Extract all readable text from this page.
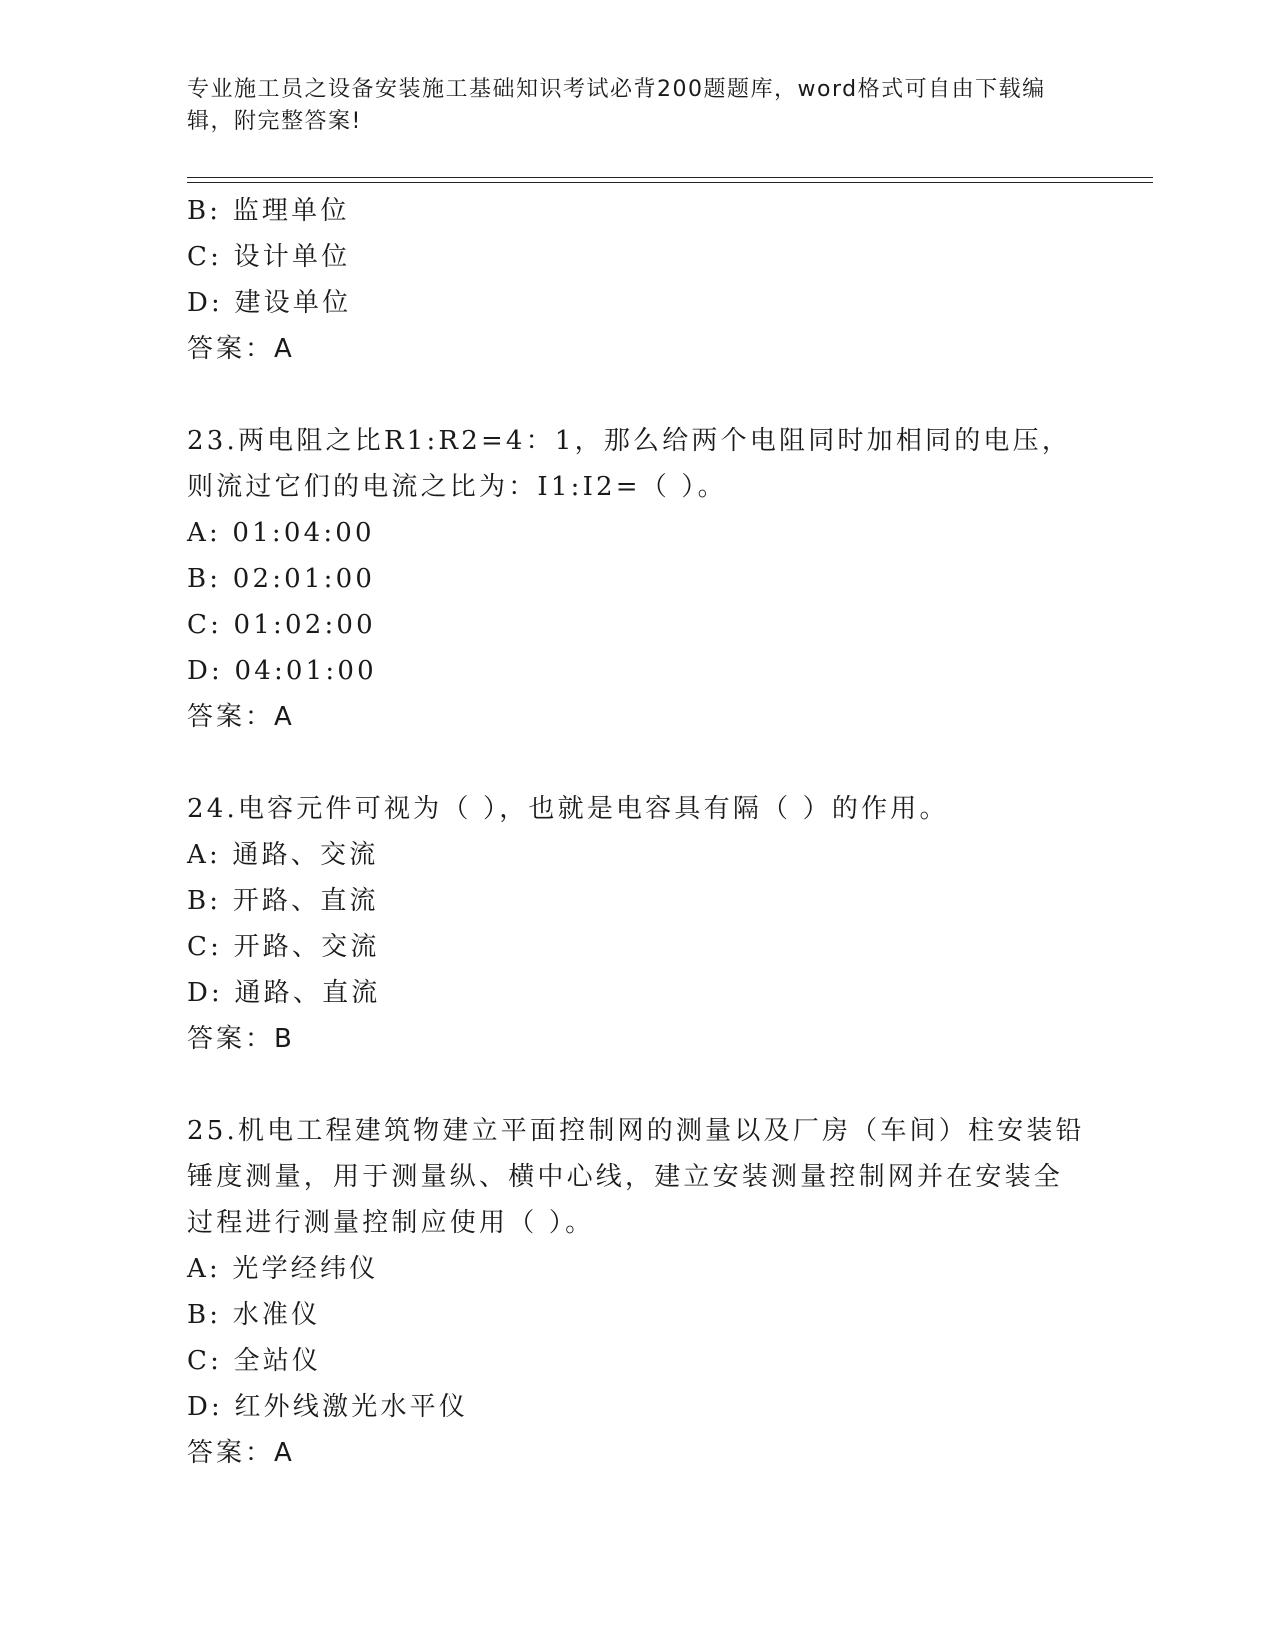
专业施工员之设备安装施工基础知识考试必背200题题库，word格式可自由下载编辑，附完整答案!
B: 监理单位
C: 设计单位
D: 建设单位
答案：A
23.两电阻之比R1:R2=4：1，那么给两个电阻同时加相同的电压，则流过它们的电流之比为：I1:I2=（ ）。
A: 01:04:00
B: 02:01:00
C: 01:02:00
D: 04:01:00
答案：A
24.电容元件可视为（ ），也就是电容具有隔（ ）的作用。
A: 通路、交流
B: 开路、直流
C: 开路、交流
D: 通路、直流
答案：B
25.机电工程建筑物建立平面控制网的测量以及厂房（车间）柱安装铅锤度测量，用于测量纵、横中心线，建立安装测量控制网并在安装全过程进行测量控制应使用（ ）。
A: 光学经纬仪
B: 水准仪
C: 全站仪
D: 红外线激光水平仪
答案：A
